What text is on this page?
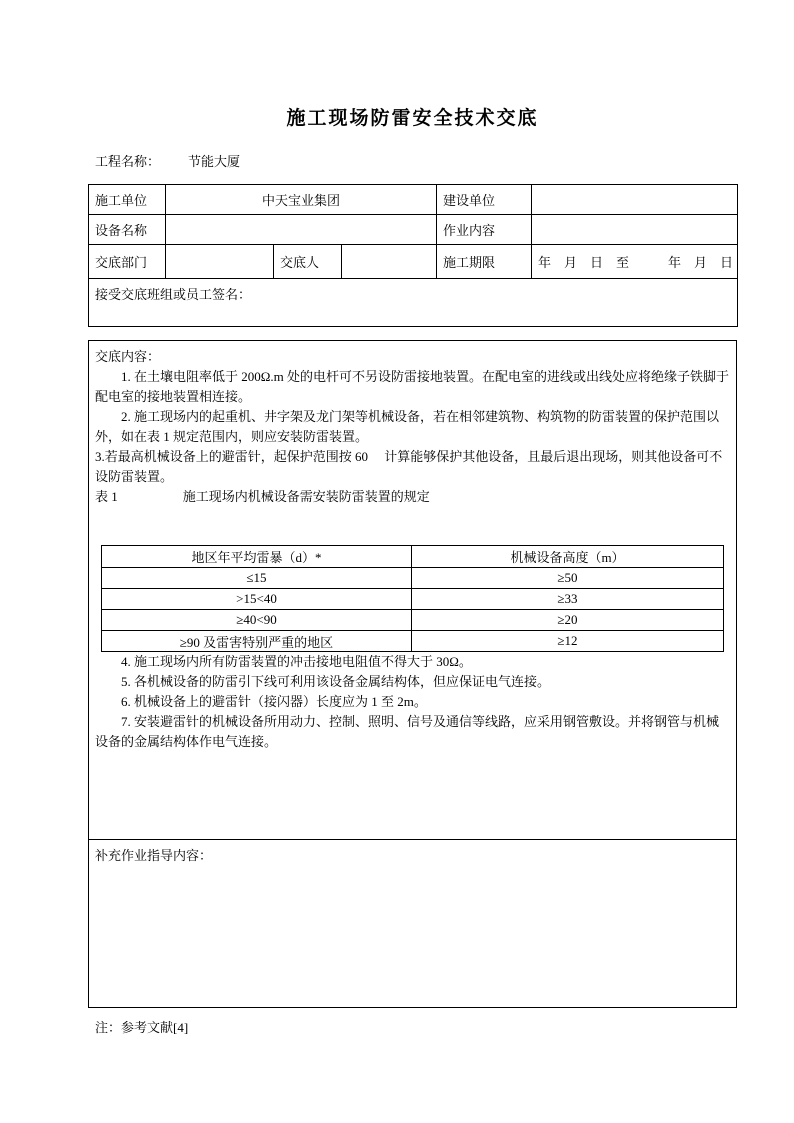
施工现场防雷安全技术交底
工程名称： 节能大厦
施工单位	中天宝业集团			建设单位	
设备名称				作业内容	
交底部门		交底人		施工期限	年　月　日　至　　　年　月　日
接受交底班组或员工签名：					

交底内容：

1. 在土壤电阻率低于 200Ω.m 处的电杆可不另设防雷接地装置。在配电室的进线或出线处应将绝缘子铁脚于配电室的接地装置相连接。

2. 施工现场内的起重机、井字架及龙门架等机械设备，若在相邻建筑物、构筑物的防雷装置的保护范围以外，如在表 1 规定范围内，则应安装防雷装置。

3.若最高机械设备上的避雷针，起保护范围按 60　 计算能够保护其他设备，且最后退出现场，则其他设备可不设防雷装置。

表 1　　　　　施工现场内机械设备需安装防雷装置的规定

地区年平均雷暴（d）*	机械设备高度（m）
≤15	≥50
>15<40	≥33
≥40<90	≥20
≥90 及雷害特别严重的地区	≥12

4. 施工现场内所有防雷装置的冲击接地电阻值不得大于 30Ω。

5. 各机械设备的防雷引下线可利用该设备金属结构体，但应保证电气连接。

6. 机械设备上的避雷针（接闪器）长度应为 1 至 2m。

7. 安装避雷针的机械设备所用动力、控制、照明、信号及通信等线路，应采用钢管敷设。并将钢管与机械设备的金属结构体作电气连接。

补充作业指导内容：

注：参考文献[4]
